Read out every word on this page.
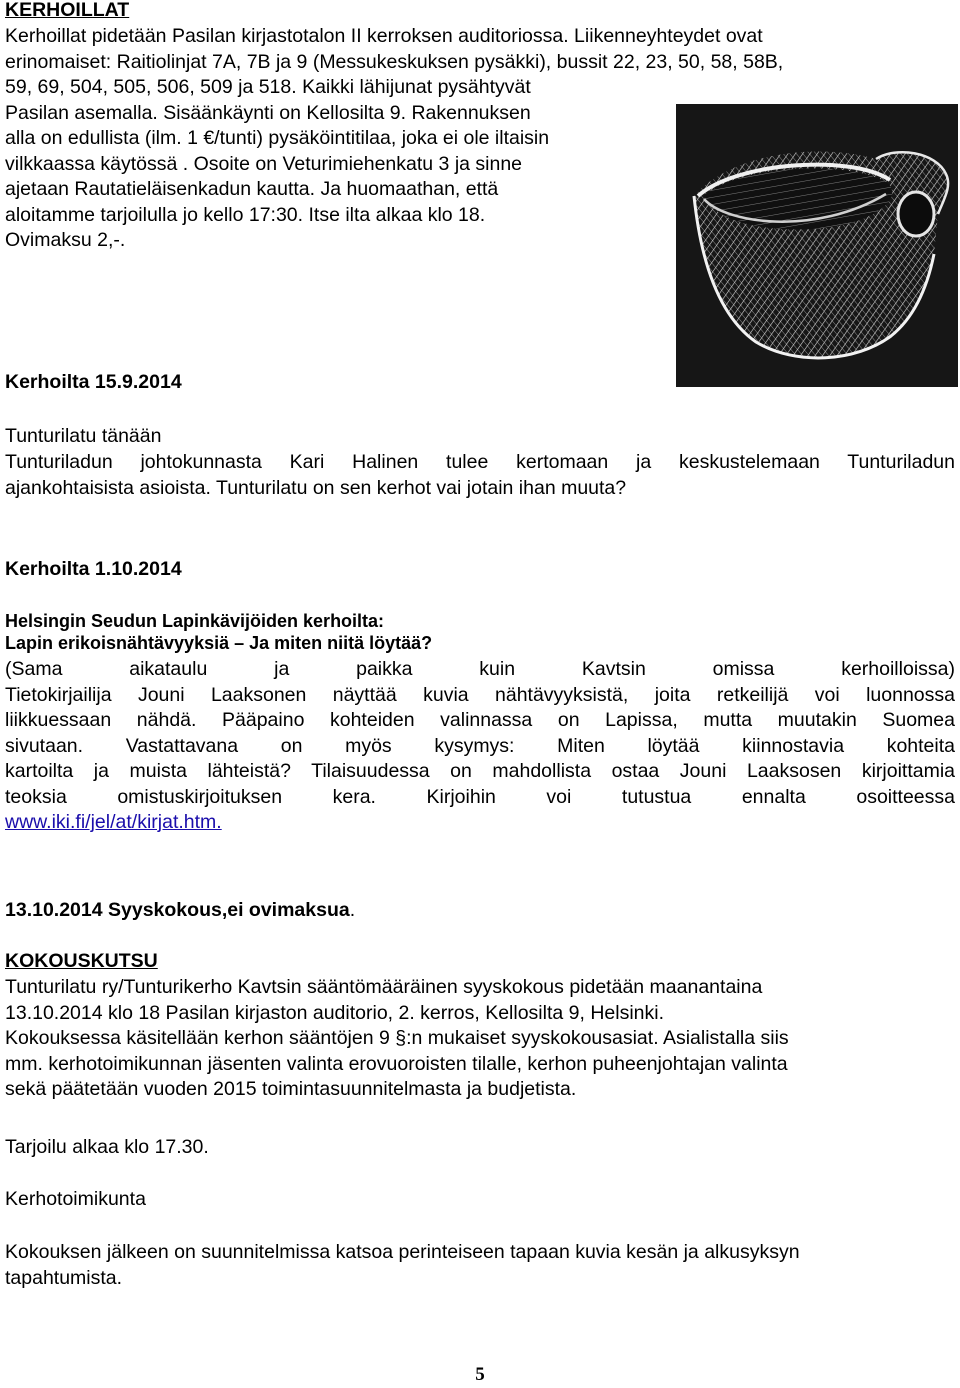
KERHOILLAT
Kerhoillat pidetään Pasilan kirjastotalon II kerroksen auditoriossa. Liikenneyhteydet ovat
erinomaiset: Raitiolinjat 7A, 7B ja 9 (Messukeskuksen pysäkki), bussit 22, 23, 50, 58, 58B,
59, 69, 504, 505, 506, 509 ja 518. Kaikki lähijunat pysähtyvät
Pasilan asemalla. Sisäänkäynti on Kellosilta 9. Rakennuksen
alla on edullista (ilm. 1 €/tunti) pysäköintitilaa, joka ei ole iltaisin
vilkkaassa käytössä . Osoite on Veturimiehenkatu 3 ja sinne
ajetaan Rautatieläisenkadun kautta. Ja huomaathan, että
aloitamme tarjoilulla jo kello 17:30. Itse ilta alkaa klo 18.
Ovimaksu 2,-.
Kerhoilta 15.9.2014
Tunturilatu tänään
Tunturiladun johtokunnasta Kari Halinen tulee kertomaan ja keskustelemaan Tunturiladun
ajankohtaisista asioista. Tunturilatu on sen kerhot vai jotain ihan muuta?
Kerhoilta 1.10.2014
Helsingin Seudun Lapinkävijöiden kerhoilta:
Lapin erikoisnähtävyyksiä – Ja miten niitä löytää?
(Sama aikataulu ja paikka kuin Kavtsin omissa kerhoilloissa)
Tietokirjailija Jouni Laaksonen näyttää kuvia nähtävyyksistä, joita retkeilijä voi luonnossa
liikkuessaan nähdä. Pääpaino kohteiden valinnassa on Lapissa, mutta muutakin Suomea
sivutaan. Vastattavana on myös kysymys: Miten löytää kiinnostavia kohteita
kartoilta ja muista lähteistä? Tilaisuudessa on mahdollista ostaa Jouni Laaksosen kirjoittamia
teoksia omistuskirjoituksen kera. Kirjoihin voi tutustua ennalta osoitteessa
www.iki.fi/jel/at/kirjat.htm.
13.10.2014 Syyskokous,ei ovimaksua.
KOKOUSKUTSU
Tunturilatu ry/Tunturikerho Kavtsin sääntömääräinen syyskokous pidetään maanantaina
13.10.2014 klo 18 Pasilan kirjaston auditorio, 2. kerros, Kellosilta 9, Helsinki.
Kokouksessa käsitellään kerhon sääntöjen 9 §:n mukaiset syyskokousasiat. Asialistalla siis
mm. kerhotoimikunnan jäsenten valinta erovuoroisten tilalle, kerhon puheenjohtajan valinta
sekä päätetään vuoden 2015 toimintasuunnitelmasta ja budjetista.
Tarjoilu alkaa klo 17.30.
Kerhotoimikunta
Kokouksen jälkeen on suunnitelmissa katsoa perinteiseen tapaan kuvia kesän ja alkusyksyn
tapahtumista.
5
